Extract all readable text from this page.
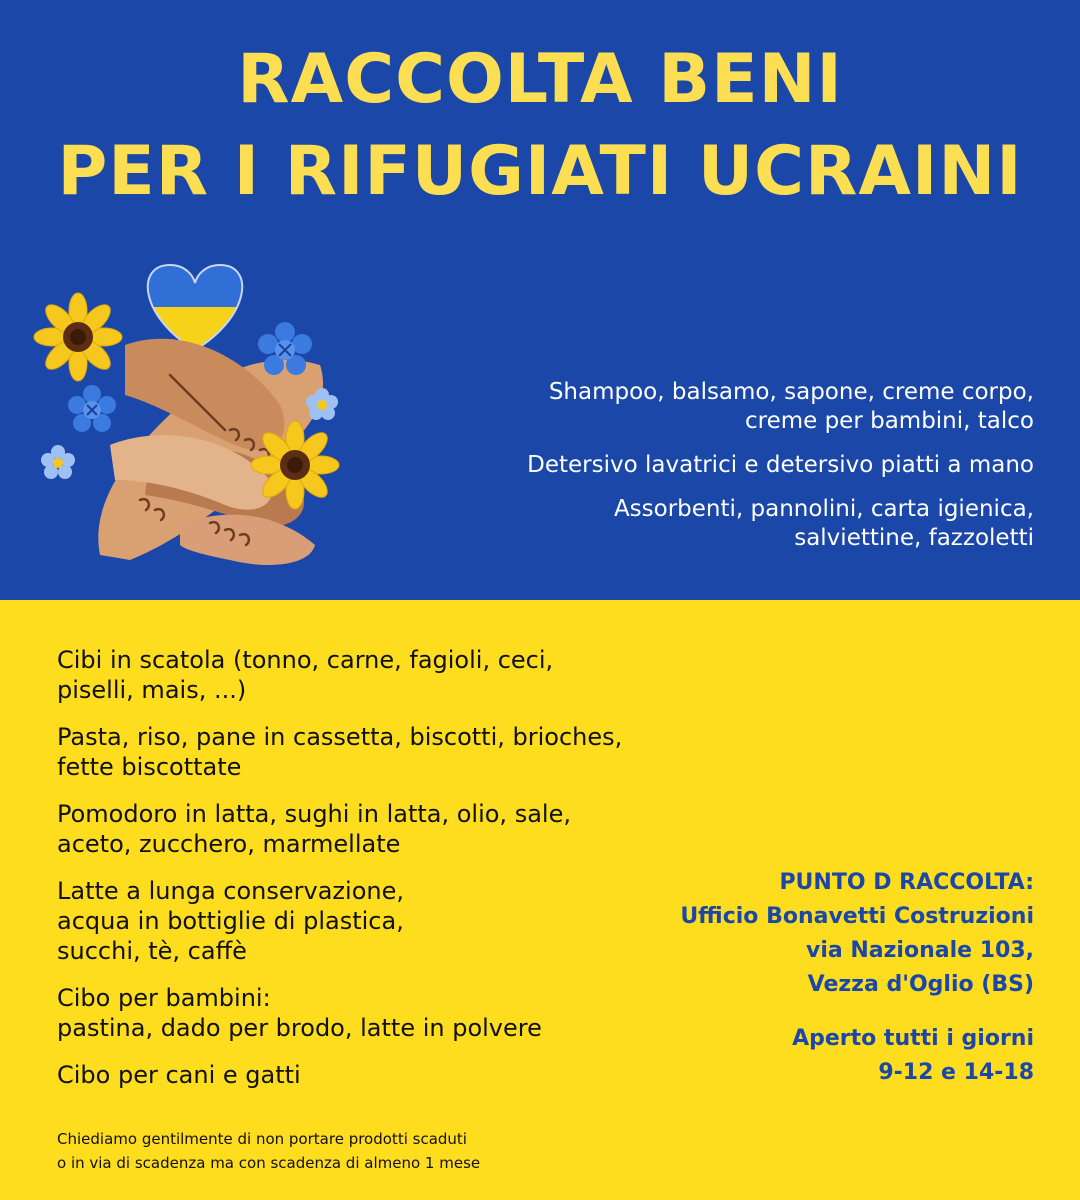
RACCOLTA BENI
PER I RIFUGIATI UCRAINI
Shampoo, balsamo, sapone, creme corpo,
creme per bambini, talco
Detersivo lavatrici e detersivo piatti a mano
Assorbenti, pannolini, carta igienica,
salviettine, fazzoletti
Cibi in scatola (tonno, carne, fagioli, ceci,
piselli, mais, ...)
Pasta, riso, pane in cassetta, biscotti, brioches,
fette biscottate
Pomodoro in latta, sughi in latta, olio, sale,
aceto, zucchero, marmellate
Latte a lunga conservazione,
acqua in bottiglie di plastica,
succhi, tè, caffè
Cibo per bambini:
pastina, dado per brodo, latte in polvere
Cibo per cani e gatti
PUNTO D RACCOLTA:
Ufficio Bonavetti Costruzioni
via Nazionale 103,
Vezza d'Oglio (BS)
Aperto tutti i giorni
9-12 e 14-18
Chiediamo gentilmente di non portare prodotti scaduti
o in via di scadenza ma con scadenza di almeno 1 mese
